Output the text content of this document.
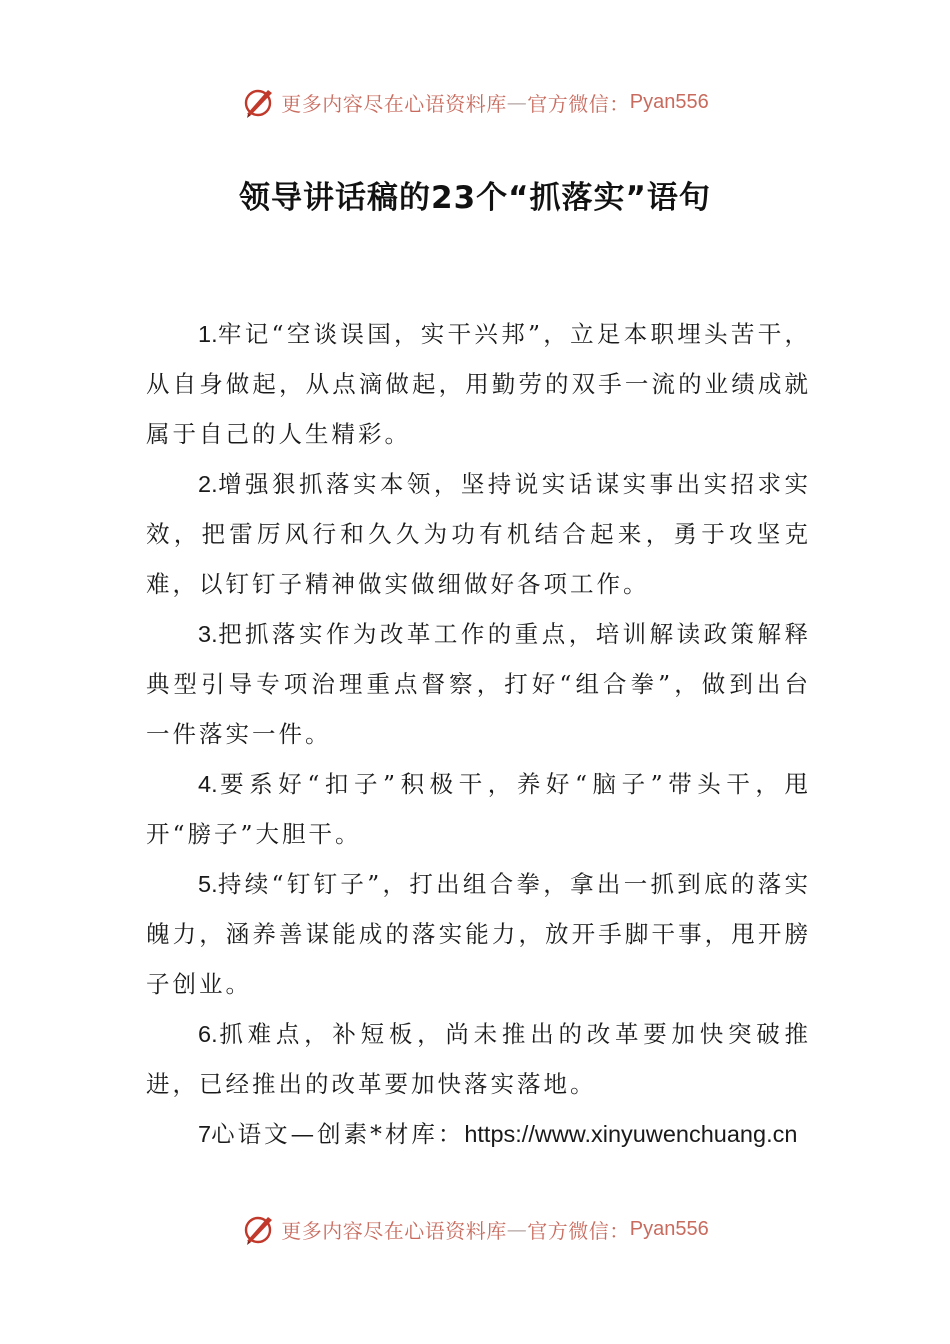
更多内容尽在心语资料库 — 官方微信： Pyan556
领导讲话稿的23个“抓落实”语句

1.牢记“空谈误国，实干兴邦”，立足本职埋头苦干，从自身做起，从点滴做起，用勤劳的双手一流的业绩成就属于自己的人生精彩。

2.增强狠抓落实本领，坚持说实话谋实事出实招求实效，把雷厉风行和久久为功有机结合起来，勇于攻坚克难，以钉钉子精神做实做细做好各项工作。

3.把抓落实作为改革工作的重点，培训解读政策解释典型引导专项治理重点督察，打好“组合拳”，做到出台一件落实一件。

4.要系好“扣子”积极干，养好“脑子”带头干，甩开“膀子”大胆干。

5.持续“钉钉子”，打出组合拳，拿出一抓到底的落实魄力，涵养善谋能成的落实能力，放开手脚干事，甩开膀子创业。

6.抓难点，补短板，尚未推出的改革要加快突破推进，已经推出的改革要加快落实落地。

7心语文—创素*材库：https://www.xinyuwenchuang.cn

更多内容尽在心语资料库 — 官方微信： Pyan556
